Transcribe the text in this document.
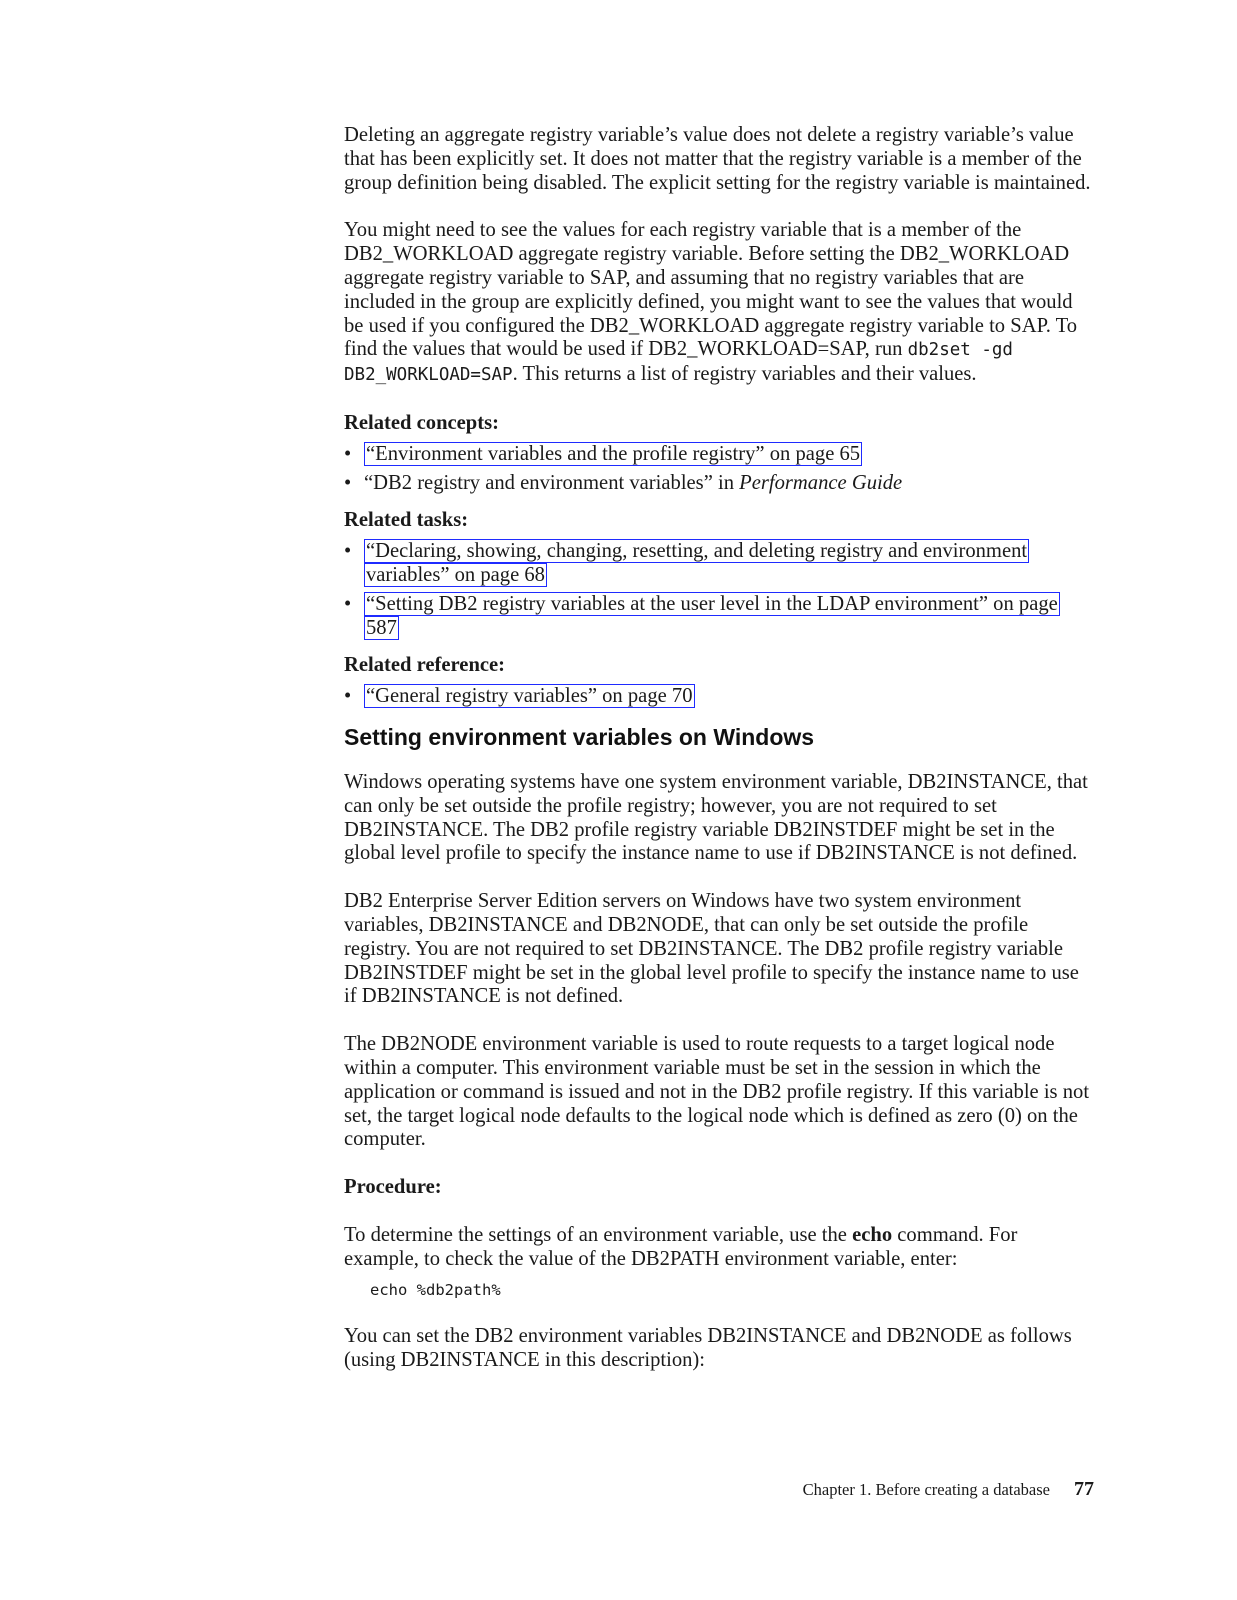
Deleting an aggregate registry variable’s value does not delete a registry variable’s value that has been explicitly set. It does not matter that the registry variable is a member of the group definition being disabled. The explicit setting for the registry variable is maintained.

You might need to see the values for each registry variable that is a member of the DB2_WORKLOAD aggregate registry variable. Before setting the DB2_WORKLOAD aggregate registry variable to SAP, and assuming that no registry variables that are included in the group are explicitly defined, you might want to see the values that would be used if you configured the DB2_WORKLOAD aggregate registry variable to SAP. To find the values that would be used if DB2_WORKLOAD=SAP, run db2set -gd DB2_WORKLOAD=SAP. This returns a list of registry variables and their values.

Related concepts:

• “Environment variables and the profile registry” on page 65
• “DB2 registry and environment variables” in Performance Guide

Related tasks:

• “Declaring, showing, changing, resetting, and deleting registry and environment variables” on page 68
• “Setting DB2 registry variables at the user level in the LDAP environment” on page 587

Related reference:

• “General registry variables” on page 70
Setting environment variables on Windows

Windows operating systems have one system environment variable, DB2INSTANCE, that can only be set outside the profile registry; however, you are not required to set DB2INSTANCE. The DB2 profile registry variable DB2INSTDEF might be set in the global level profile to specify the instance name to use if DB2INSTANCE is not defined.

DB2 Enterprise Server Edition servers on Windows have two system environment variables, DB2INSTANCE and DB2NODE, that can only be set outside the profile registry. You are not required to set DB2INSTANCE. The DB2 profile registry variable DB2INSTDEF might be set in the global level profile to specify the instance name to use if DB2INSTANCE is not defined.

The DB2NODE environment variable is used to route requests to a target logical node within a computer. This environment variable must be set in the session in which the application or command is issued and not in the DB2 profile registry. If this variable is not set, the target logical node defaults to the logical node which is defined as zero (0) on the computer.

Procedure:

To determine the settings of an environment variable, use the echo command. For example, to check the value of the DB2PATH environment variable, enter:

echo %db2path%

You can set the DB2 environment variables DB2INSTANCE and DB2NODE as follows (using DB2INSTANCE in this description):

Chapter 1. Before creating a database 77
